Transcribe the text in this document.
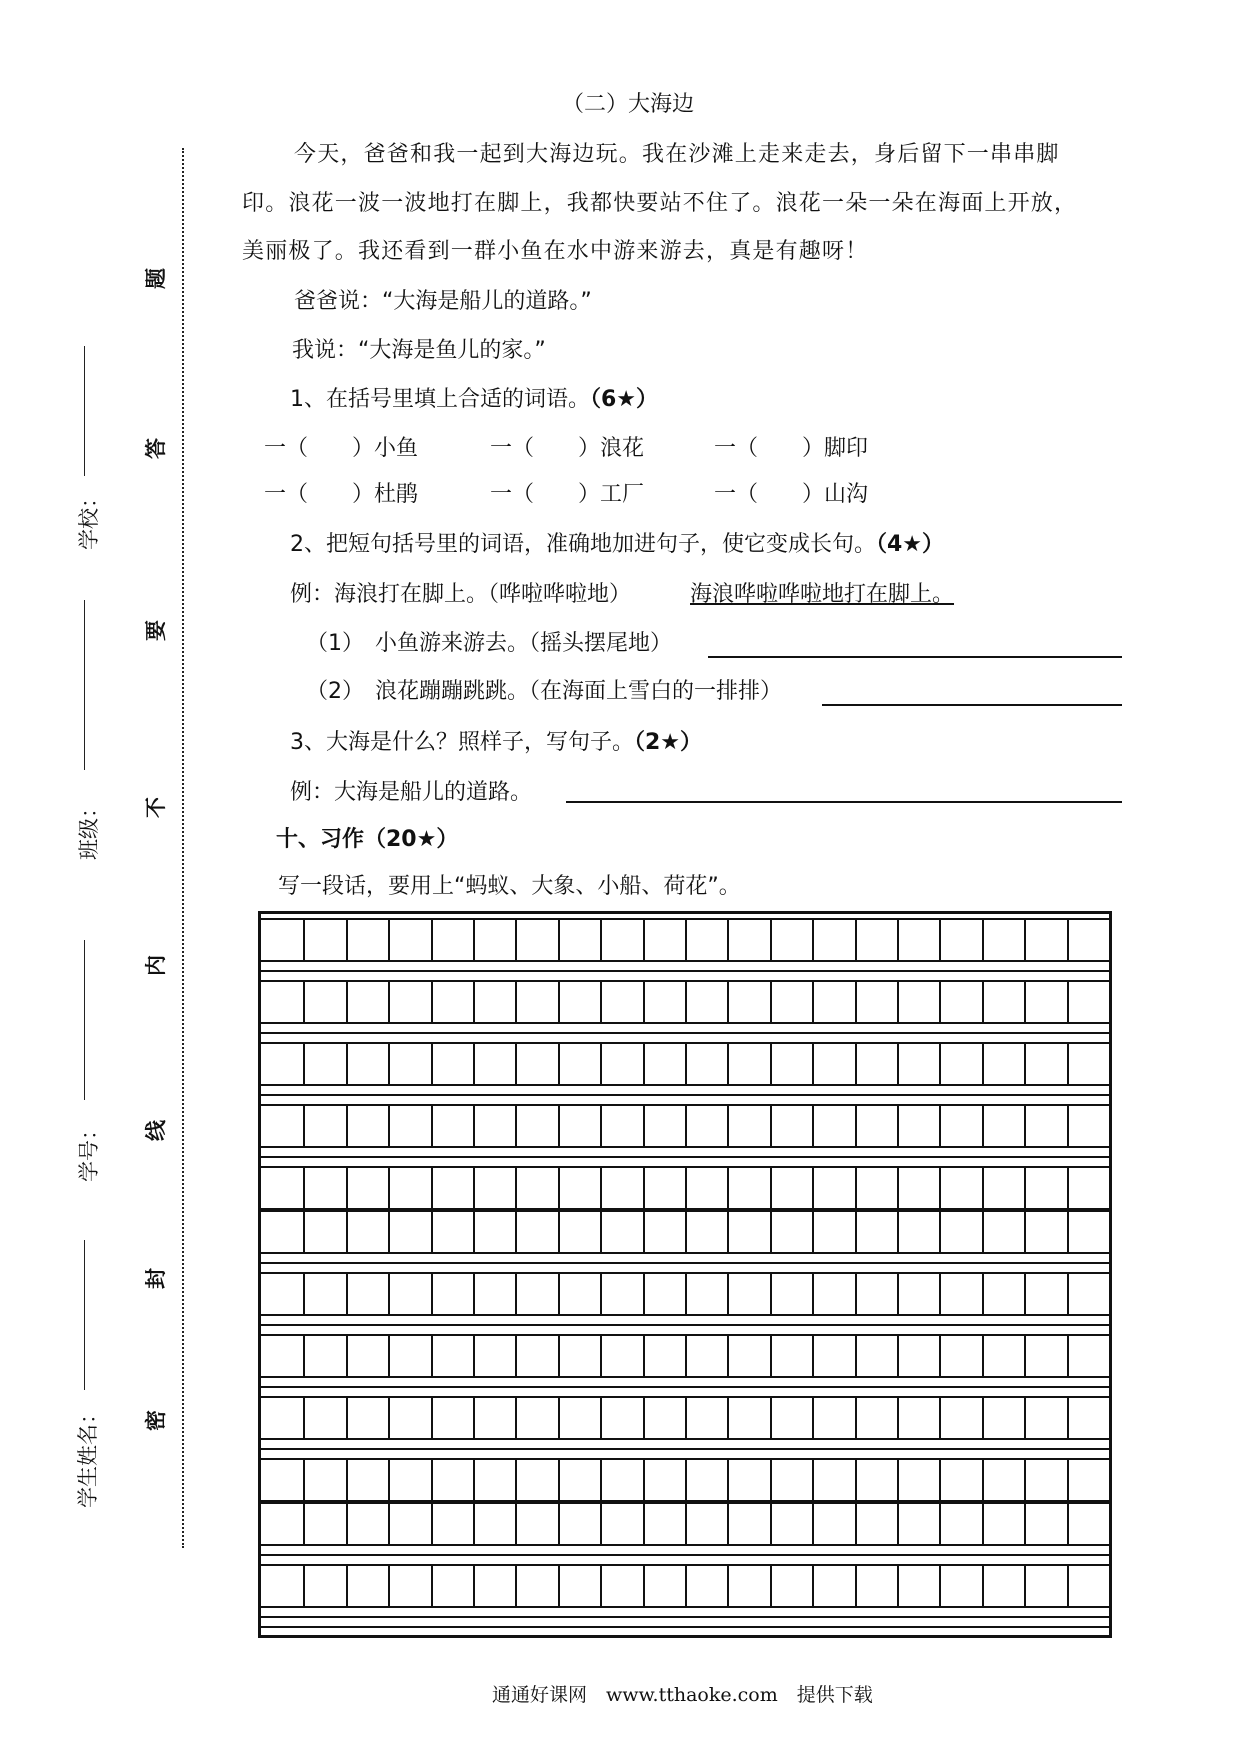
学校：
班级：
学号：
学生姓名：
题
答
要
不
内
线
封
密
（二）大海边
今天，爸爸和我一起到大海边玩。我在沙滩上走来走去，身后留下一串串脚
印。浪花一波一波地打在脚上，我都快要站不住了。浪花一朵一朵在海面上开放，
美丽极了。我还看到一群小鱼在水中游来游去，真是有趣呀！
爸爸说：“大海是船儿的道路。”
我说：“大海是鱼儿的家。”
1、在括号里填上合适的词语。（6★）
一（　　）小鱼	一（　　）浪花	一（　　）脚印
一（　　）杜鹃	一（　　）工厂	一（　　）山沟
2、把短句括号里的词语，准确地加进句子，使它变成长句。（4★）
例：海浪打在脚上。（哗啦哗啦地）	海浪哗啦哗啦地打在脚上。
（1）　小鱼游来游去。（摇头摆尾地）
（2）　浪花蹦蹦跳跳。（在海面上雪白的一排排）
3、大海是什么？照样子，写句子。（2★）
例：大海是船儿的道路。
十、习作（20★）
写一段话，要用上“蚂蚁、大象、小船、荷花”。
通通好课网　www.tthaoke.com　提供下载
